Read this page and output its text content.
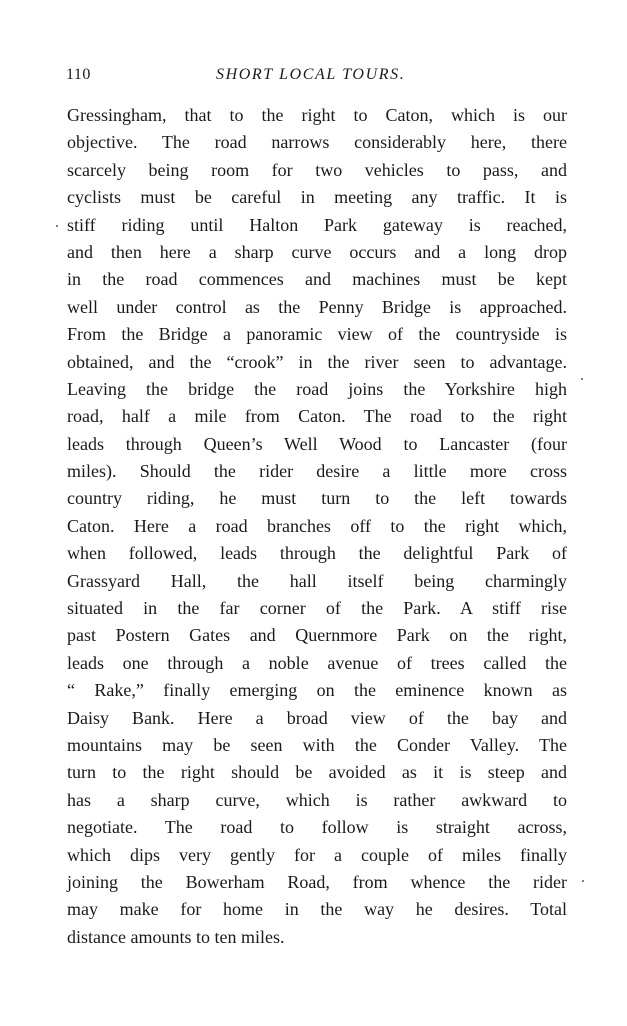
110	SHORT LOCAL TOURS.
Gressingham, that to the right to Caton, which is our
objective. The road narrows considerably here, there
scarcely being room for two vehicles to pass, and
cyclists must be careful in meeting any traffic. It is
stiff riding until Halton Park gateway is reached,
and then here a sharp curve occurs and a long drop
in the road commences and machines must be kept
well under control as the Penny Bridge is approached.
From the Bridge a panoramic view of the countryside is
obtained, and the “crook” in the river seen to advantage.
Leaving the bridge the road joins the Yorkshire high
road, half a mile from Caton. The road to the right
leads through Queen’s Well Wood to Lancaster (four
miles). Should the rider desire a little more cross
country riding, he must turn to the left towards
Caton. Here a road branches off to the right which,
when followed, leads through the delightful Park of
Grassyard Hall, the hall itself being charmingly
situated in the far corner of the Park. A stiff rise
past Postern Gates and Quernmore Park on the right,
leads one through a noble avenue of trees called the
“ Rake,” finally emerging on the eminence known as
Daisy Bank. Here a broad view of the bay and
mountains may be seen with the Conder Valley. The
turn to the right should be avoided as it is steep and
has a sharp curve, which is rather awkward to
negotiate. The road to follow is straight across,
which dips very gently for a couple of miles finally
joining the Bowerham Road, from whence the rider
may make for home in the way he desires. Total
distance amounts to ten miles.
